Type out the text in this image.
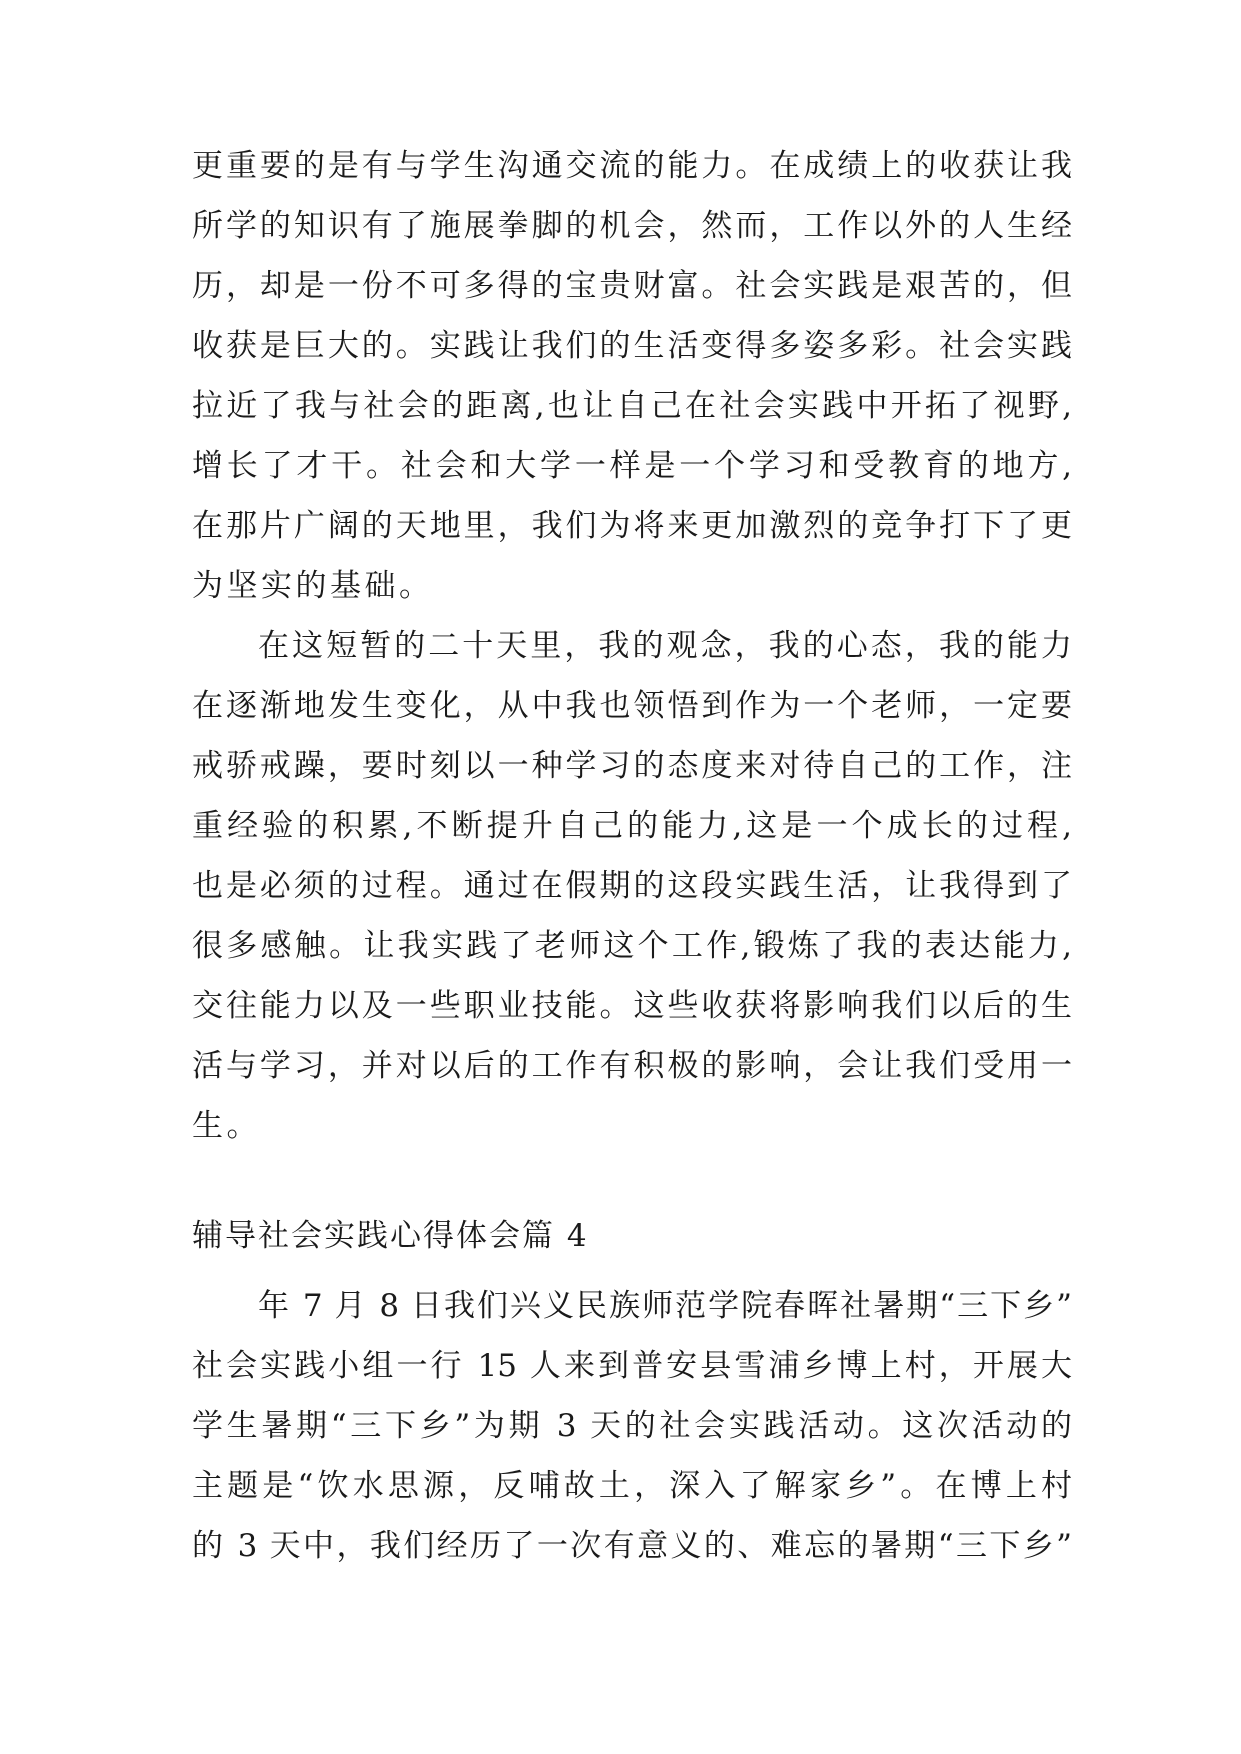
更重要的是有与学生沟通交流的能力。在成绩上的收获让我
所学的知识有了施展拳脚的机会，然而，工作以外的人生经
历，却是一份不可多得的宝贵财富。社会实践是艰苦的，但
收获是巨大的。实践让我们的生活变得多姿多彩。社会实践
拉近了我与社会的距离,也让自己在社会实践中开拓了视野,
增长了才干。社会和大学一样是一个学习和受教育的地方,
在那片广阔的天地里，我们为将来更加激烈的竞争打下了更
为坚实的基础。
在这短暂的二十天里，我的观念，我的心态，我的能力
在逐渐地发生变化，从中我也领悟到作为一个老师，一定要
戒骄戒躁，要时刻以一种学习的态度来对待自己的工作，注
重经验的积累,不断提升自己的能力,这是一个成长的过程,
也是必须的过程。通过在假期的这段实践生活，让我得到了
很多感触。让我实践了老师这个工作,锻炼了我的表达能力,
交往能力以及一些职业技能。这些收获将影响我们以后的生
活与学习，并对以后的工作有积极的影响，会让我们受用一
生。
辅导社会实践心得体会篇 4
年 7 月 8 日我们兴义民族师范学院春晖社暑期“三下乡”
社会实践小组一行 15 人来到普安县雪浦乡博上村，开展大
学生暑期“三下乡”为期 3 天的社会实践活动。这次活动的
主题是“饮水思源，反哺故土，深入了解家乡”。在博上村
的 3 天中，我们经历了一次有意义的、难忘的暑期“三下乡”
